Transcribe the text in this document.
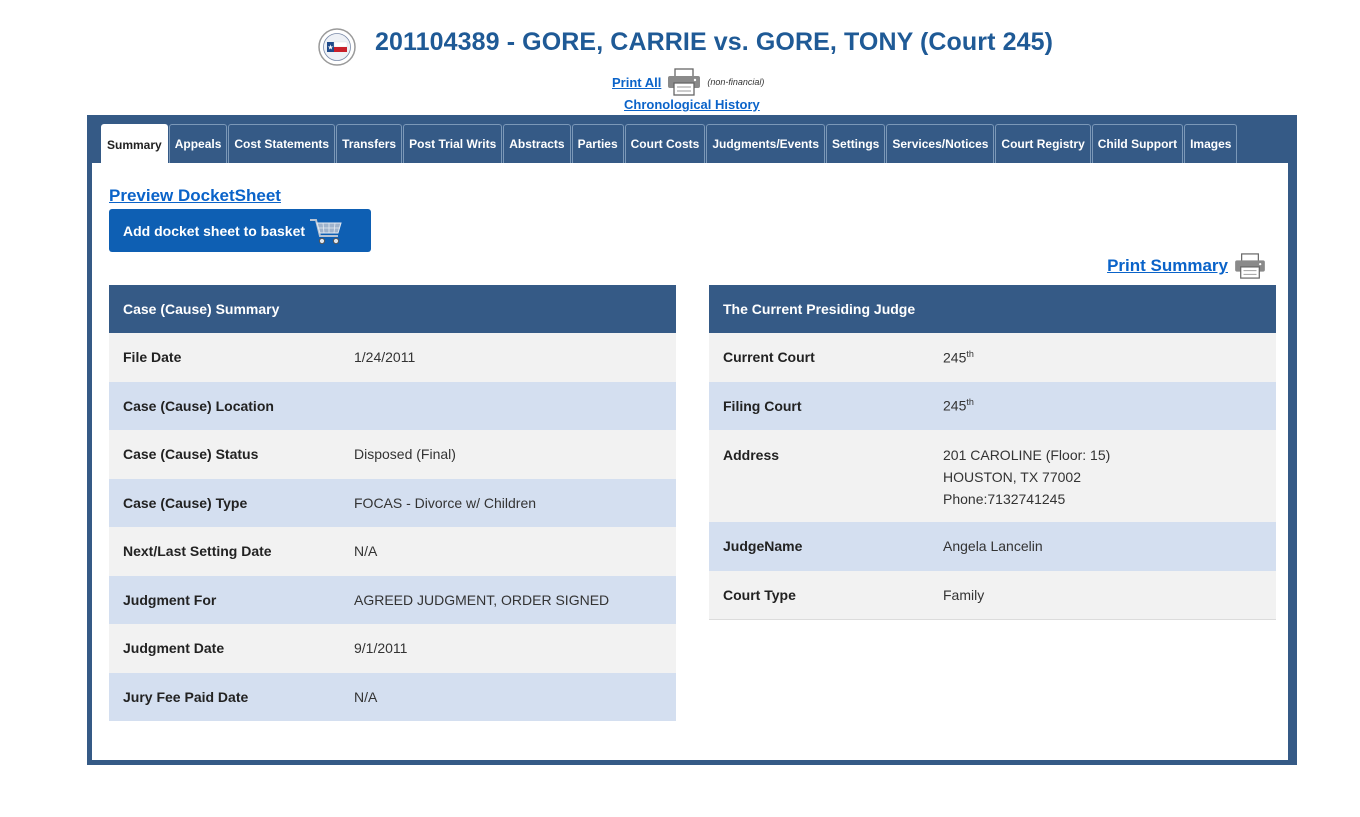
201104389 - GORE, CARRIE vs. GORE, TONY (Court 245)
Print All	(non-financial)
Chronological History
Summary	Appeals	Cost Statements	Transfers	Post Trial Writs	Abstracts	Parties	Court Costs	Judgments/Events	Settings	Services/Notices	Court Registry	Child Support	Images
Preview DocketSheet
Add docket sheet to basket
Print Summary
Case (Cause) Summary	
File Date	1/24/2011
Case (Cause) Location	
Case (Cause) Status	Disposed (Final)
Case (Cause) Type	FOCAS - Divorce w/ Children
Next/Last Setting Date	N/A
Judgment For	AGREED JUDGMENT, ORDER SIGNED
Judgment Date	9/1/2011
Jury Fee Paid Date	N/A
The Current Presiding Judge	
Current Court	245th
Filing Court	245th
Address	201 CAROLINE (Floor: 15)
HOUSTON, TX 77002
Phone:7132741245

JudgeName	Angela Lancelin
Court Type	Family
